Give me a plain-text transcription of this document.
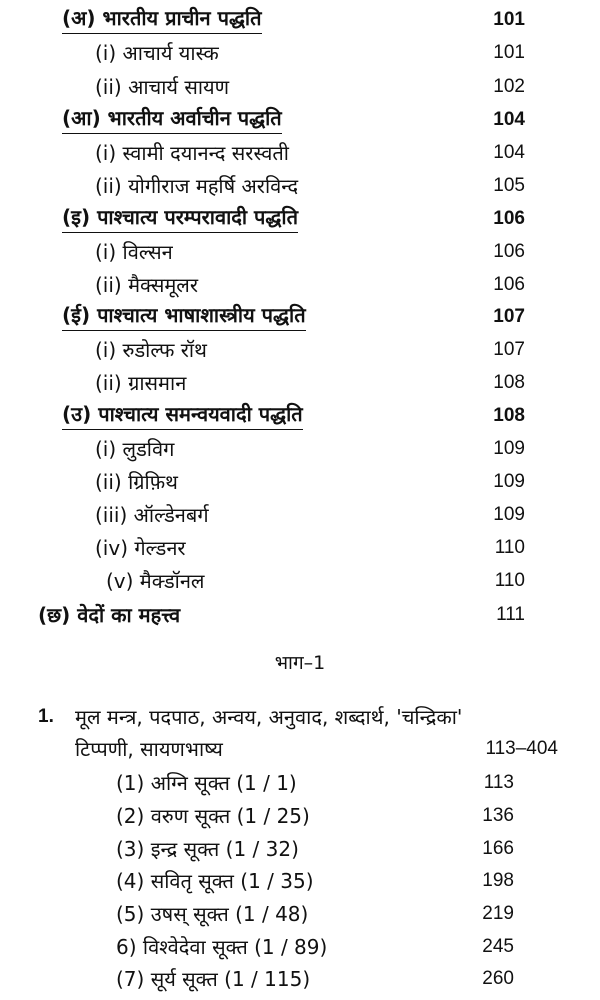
(अ) भारतीय प्राचीन पद्धति	101
(i) आचार्य यास्क	101
(ii) आचार्य सायण	102
(आ) भारतीय अर्वाचीन पद्धति	104
(i) स्वामी दयानन्द सरस्वती	104
(ii) योगीराज महर्षि अरविन्द	105
(इ) पाश्चात्य परम्परावादी पद्धति	106
(i) विल्सन	106
(ii) मैक्समूलर	106
(ई) पाश्चात्य भाषाशास्त्रीय पद्धति	107
(i) रुडोल्फ रॉथ	107
(ii) ग्रासमान	108
(उ) पाश्चात्य समन्वयवादी पद्धति	108
(i) लुडविग	109
(ii) ग्रिफ़िथ	109
(iii) ऑल्डेनबर्ग	109
(iv) गेल्डनर	110
(v) मैक्डॉनल	110
(छ) वेदों का महत्त्व	111
भाग–1
1. मूल मन्त्र, पदपाठ, अन्वय, अनुवाद, शब्दार्थ, 'चन्द्रिका'
टिप्पणी, सायणभाष्य	113–404
(1) अग्नि सूक्त (1 / 1)	113
(2) वरुण सूक्त (1 / 25)	136
(3) इन्द्र सूक्त (1 / 32)	166
(4) सवितृ सूक्त (1 / 35)	198
(5) उषस् सूक्त (1 / 48)	219
6) विश्वेदेवा सूक्त (1 / 89)	245
(7) सूर्य सूक्त (1 / 115)	260
